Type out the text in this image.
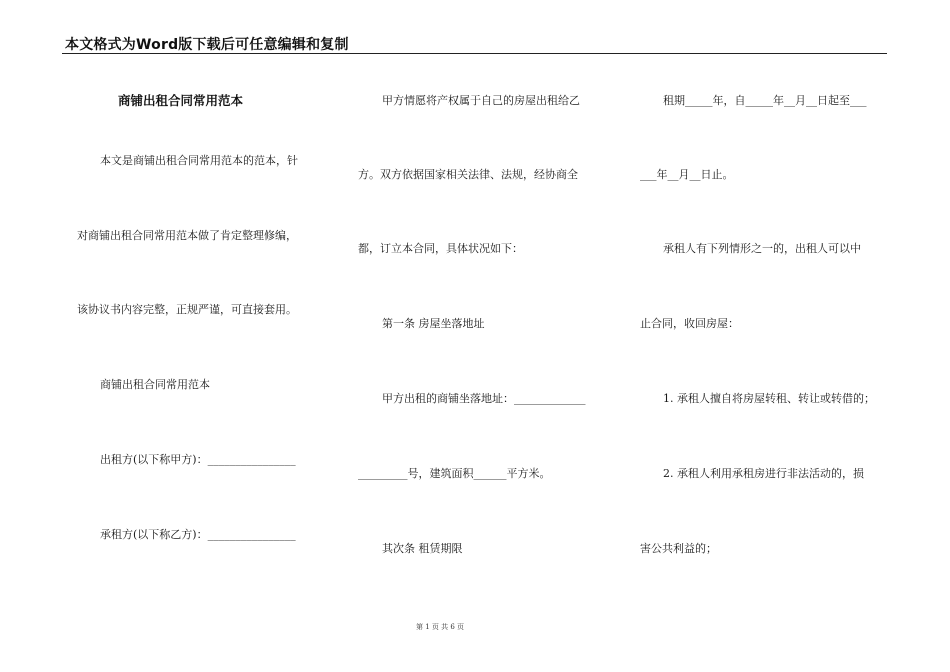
本文格式为Word版下载后可任意编辑和复制
商铺出租合同常用范本
本文是商铺出租合同常用范本的范本，针
对商铺出租合同常用范本做了肯定整理修编，
该协议书内容完整，正规严谨，可直接套用。
商铺出租合同常用范本
出租方(以下称甲方)：________________
承租方(以下称乙方)：________________
甲方情愿将产权属于自己的房屋出租给乙
方。双方依据国家相关法律、法规，经协商全
都，订立本合同，具体状况如下：
第一条 房屋坐落地址
甲方出租的商铺坐落地址：_____________
_________号，建筑面积______平方米。
其次条 租赁期限
租期_____年，自_____年__月__日起至___
___年__月__日止。
承租人有下列情形之一的，出租人可以中
止合同，收回房屋：
1. 承租人擅自将房屋转租、转让或转借的；
2. 承租人利用承租房进行非法活动的，损
害公共利益的；
第 1 页 共 6 页
